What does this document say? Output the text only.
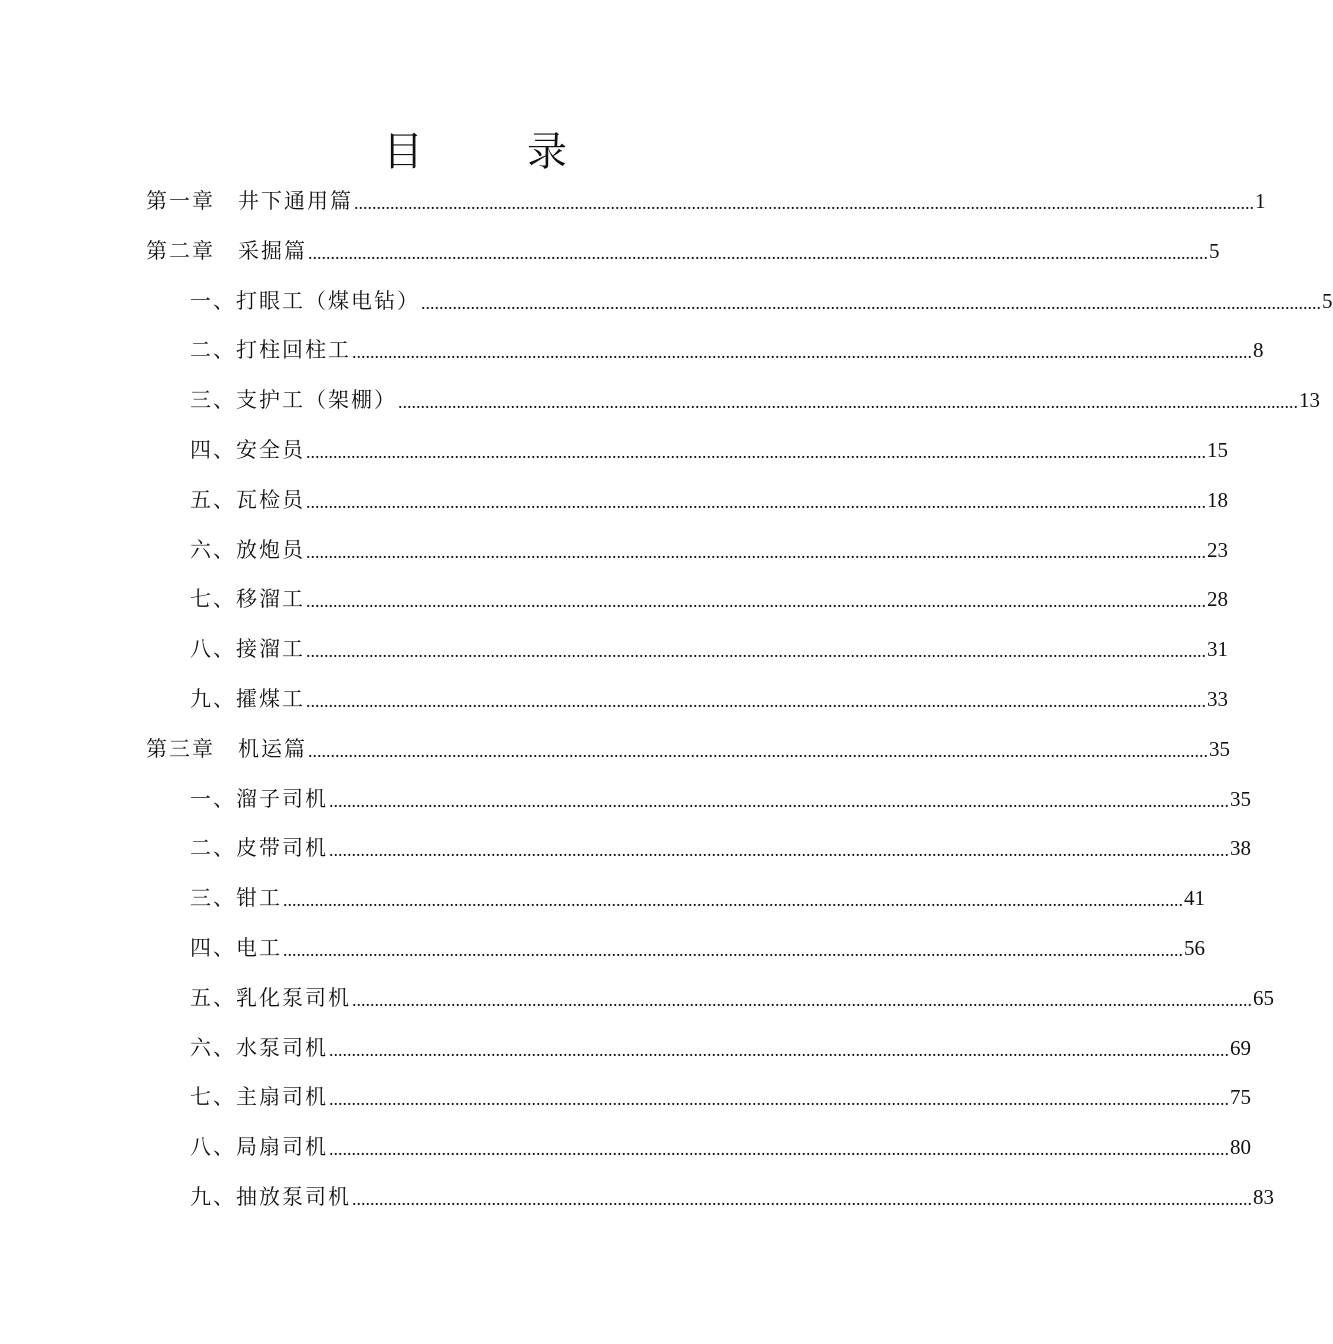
目　录
第一章　井下通用篇 ........................................................................................................................................................................................................ 1
第二章　采掘篇 ........................................................................................................................................................................................................ 5
一、打眼工（煤电钻） ........................................................................................................................................................................................................ 5
二、打柱回柱工 ........................................................................................................................................................................................................ 8
三、支护工（架棚） ........................................................................................................................................................................................................ 13
四、安全员 ........................................................................................................................................................................................................ 15
五、瓦检员 ........................................................................................................................................................................................................ 18
六、放炮员 ........................................................................................................................................................................................................ 23
七、移溜工 ........................................................................................................................................................................................................ 28
八、接溜工 ........................................................................................................................................................................................................ 31
九、攉煤工 ........................................................................................................................................................................................................ 33
第三章　机运篇 ........................................................................................................................................................................................................ 35
一、溜子司机 ........................................................................................................................................................................................................ 35
二、皮带司机 ........................................................................................................................................................................................................ 38
三、钳工 ........................................................................................................................................................................................................ 41
四、电工 ........................................................................................................................................................................................................ 56
五、乳化泵司机 ........................................................................................................................................................................................................ 65
六、水泵司机 ........................................................................................................................................................................................................ 69
七、主扇司机 ........................................................................................................................................................................................................ 75
八、局扇司机 ........................................................................................................................................................................................................ 80
九、抽放泵司机 ........................................................................................................................................................................................................ 83
